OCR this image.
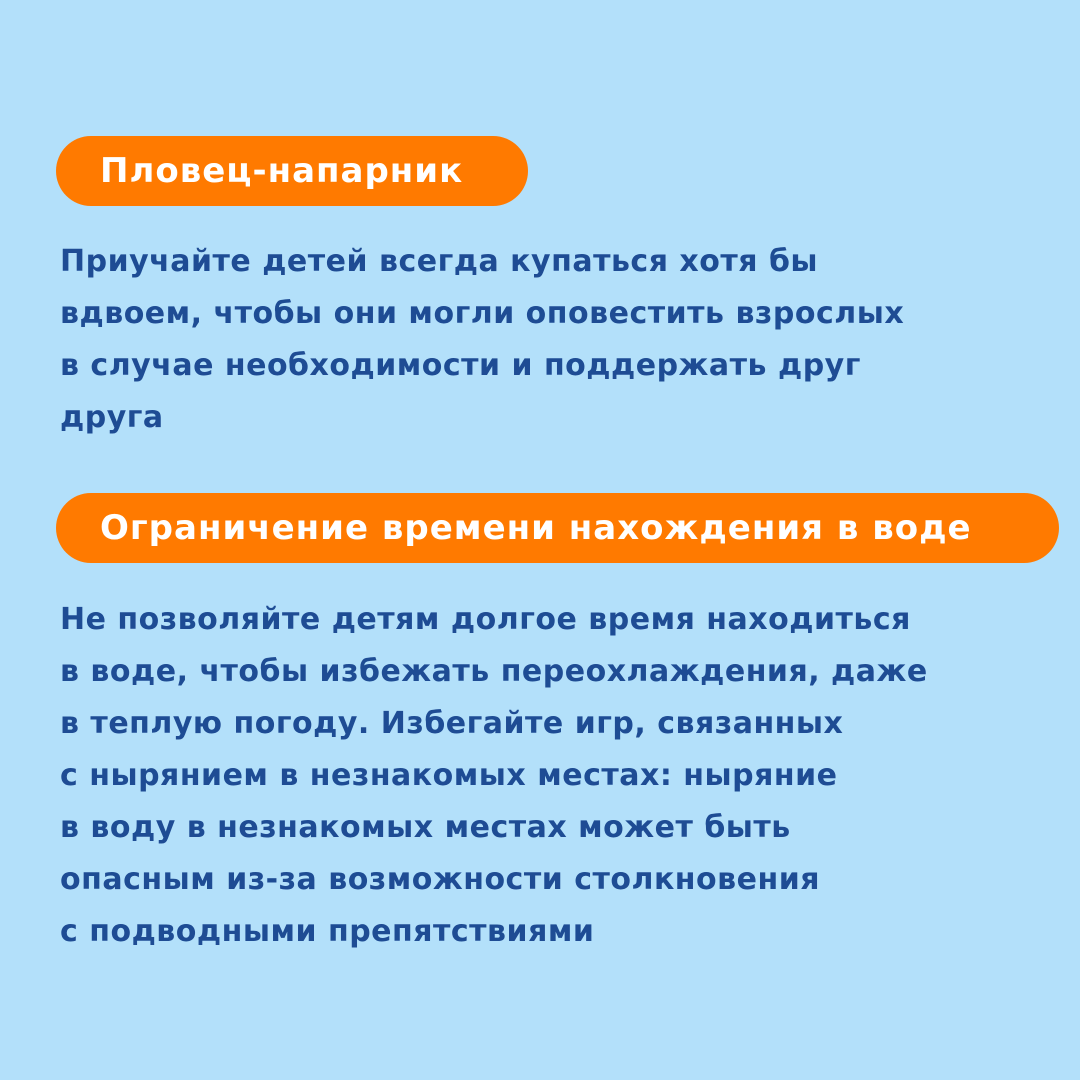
Пловец-напарник

Приучайте детей всегда купаться хотя бы
вдвоем, чтобы они могли оповестить взрослых
в случае необходимости и поддержать друг
друга

Ограничение времени нахождения в воде

Не позволяйте детям долгое время находиться
в воде, чтобы избежать переохлаждения, даже
в теплую погоду. Избегайте игр, связанных
с нырянием в незнакомых местах: ныряние
в воду в незнакомых местах может быть
опасным из-за возможности столкновения
с подводными препятствиями
